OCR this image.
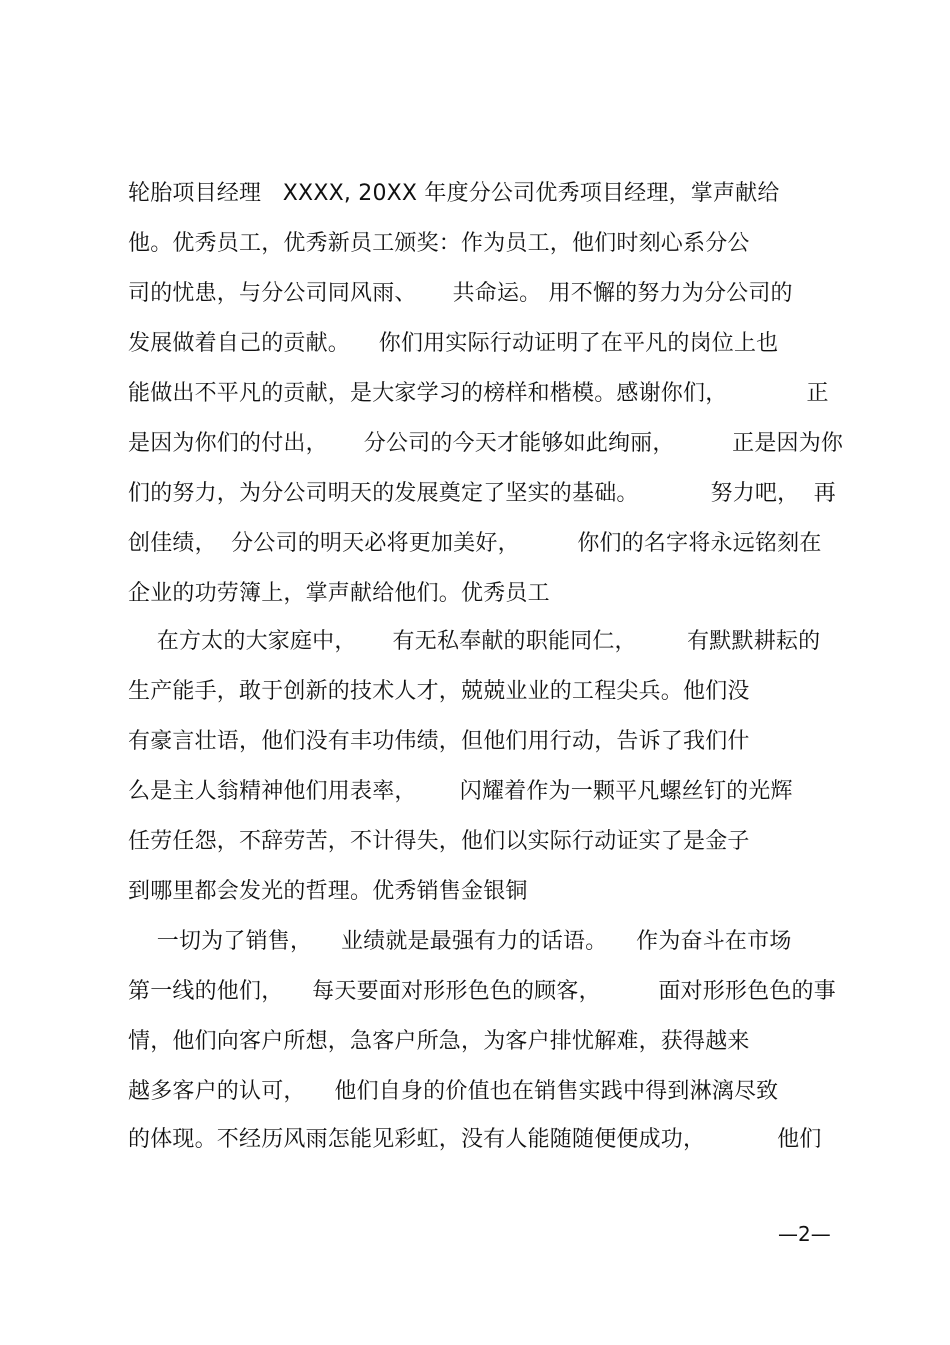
轮胎项目经理   XXXX, 20XX 年度分公司优秀项目经理，掌声献给
他。优秀员工，优秀新员工颁奖：作为员工，他们时刻心系分公
司的忧患，与分公司同风雨、     共命运。 用不懈的努力为分公司的
发展做着自己的贡献。    你们用实际行动证明了在平凡的岗位上也
能做出不平凡的贡献，是大家学习的榜样和楷模。感谢你们，           正
是因为你们的付出，     分公司的今天才能够如此绚丽，        正是因为你
们的努力，为分公司明天的发展奠定了坚实的基础。          努力吧，  再
创佳绩，  分公司的明天必将更加美好，        你们的名字将永远铭刻在
企业的功劳簿上，掌声献给他们。优秀员工
在方太的大家庭中，     有无私奉献的职能同仁，       有默默耕耘的
生产能手，敢于创新的技术人才，兢兢业业的工程尖兵。他们没
有豪言壮语，他们没有丰功伟绩，但他们用行动，告诉了我们什
么是主人翁精神他们用表率，      闪耀着作为一颗平凡螺丝钉的光辉
任劳任怨，不辞劳苦，不计得失，他们以实际行动证实了是金子
到哪里都会发光的哲理。优秀销售金银铜
一切为了销售，    业绩就是最强有力的话语。    作为奋斗在市场
第一线的他们，    每天要面对形形色色的顾客，        面对形形色色的事
情，他们向客户所想，急客户所急，为客户排忧解难，获得越来
越多客户的认可，    他们自身的价值也在销售实践中得到淋漓尽致
的体现。不经历风雨怎能见彩虹，没有人能随随便便成功，          他们
—2—
